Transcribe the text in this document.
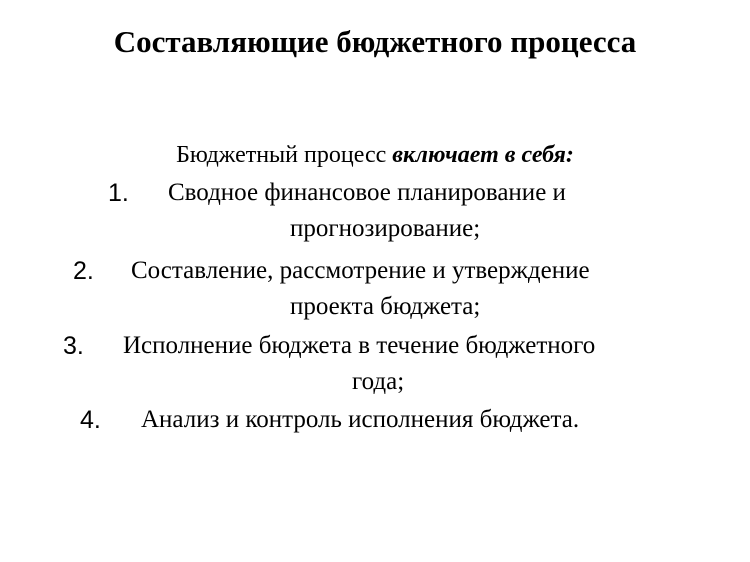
Составляющие бюджетного процесса
Бюджетный процесс включает в себя:
1. Сводное финансовое планирование и
прогнозирование;
2. Составление, рассмотрение и утверждение
проекта бюджета;
3. Исполнение бюджета в течение бюджетного
года;
4. Анализ и контроль исполнения бюджета.
